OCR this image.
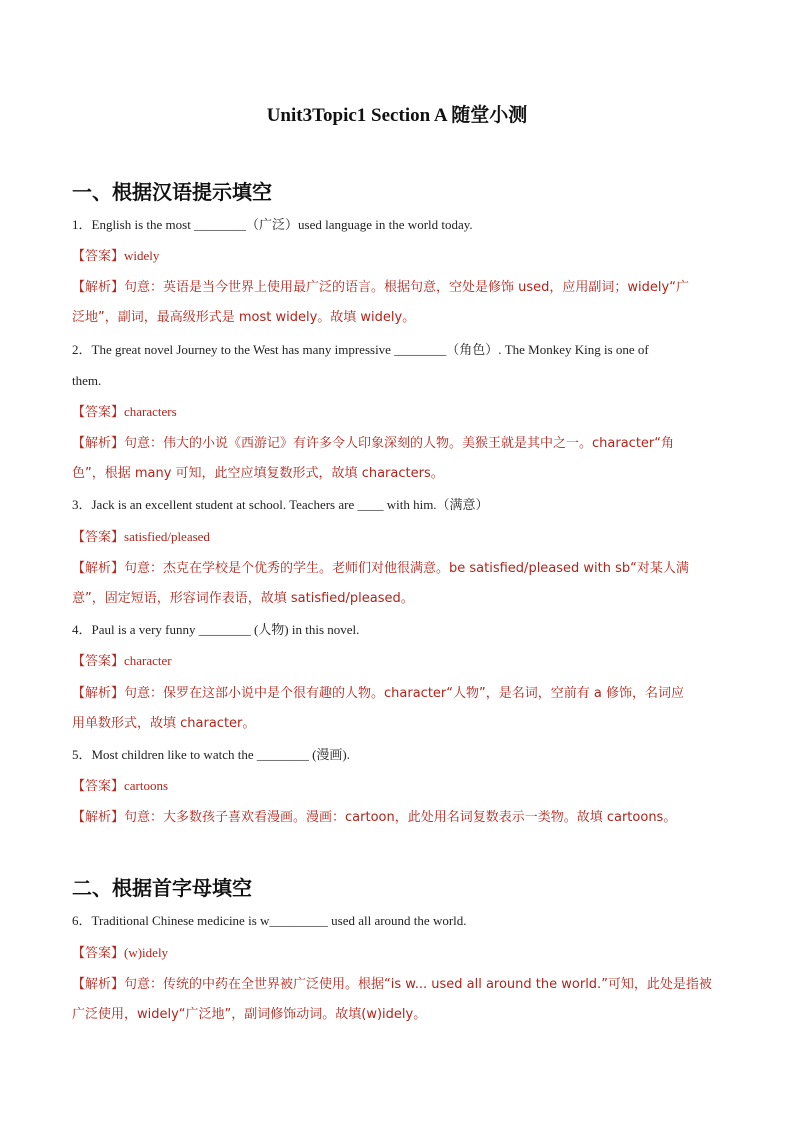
Unit3Topic1 Section A 随堂小测
一、根据汉语提示填空
1．English is the most ________（广泛）used language in the world today.
【答案】widely
【解析】句意：英语是当今世界上使用最广泛的语言。根据句意，空处是修饰 used，应用副词；widely“广
泛地”，副词，最高级形式是 most widely。故填 widely。
2．The great novel Journey to the West has many impressive ________（角色）. The Monkey King is one of
them.
【答案】characters
【解析】句意：伟大的小说《西游记》有许多令人印象深刻的人物。美猴王就是其中之一。character“角
色”，根据 many 可知，此空应填复数形式，故填 characters。
3．Jack is an excellent student at school. Teachers are ____ with him.（满意）
【答案】satisfied/pleased
【解析】句意：杰克在学校是个优秀的学生。老师们对他很满意。be satisfied/pleased with sb“对某人满
意”，固定短语，形容词作表语，故填 satisfied/pleased。
4．Paul is a very funny ________ (人物) in this novel.
【答案】character
【解析】句意：保罗在这部小说中是个很有趣的人物。character“人物”，是名词，空前有 a 修饰，名词应
用单数形式，故填 character。
5．Most children like to watch the ________ (漫画).
【答案】cartoons
【解析】句意：大多数孩子喜欢看漫画。漫画：cartoon，此处用名词复数表示一类物。故填 cartoons。
二、根据首字母填空
6．Traditional Chinese medicine is w_________ used all around the world.
【答案】(w)idely
【解析】句意：传统的中药在全世界被广泛使用。根据“is w... used all around the world.”可知，此处是指被
广泛使用，widely“广泛地”，副词修饰动词。故填(w)idely。
